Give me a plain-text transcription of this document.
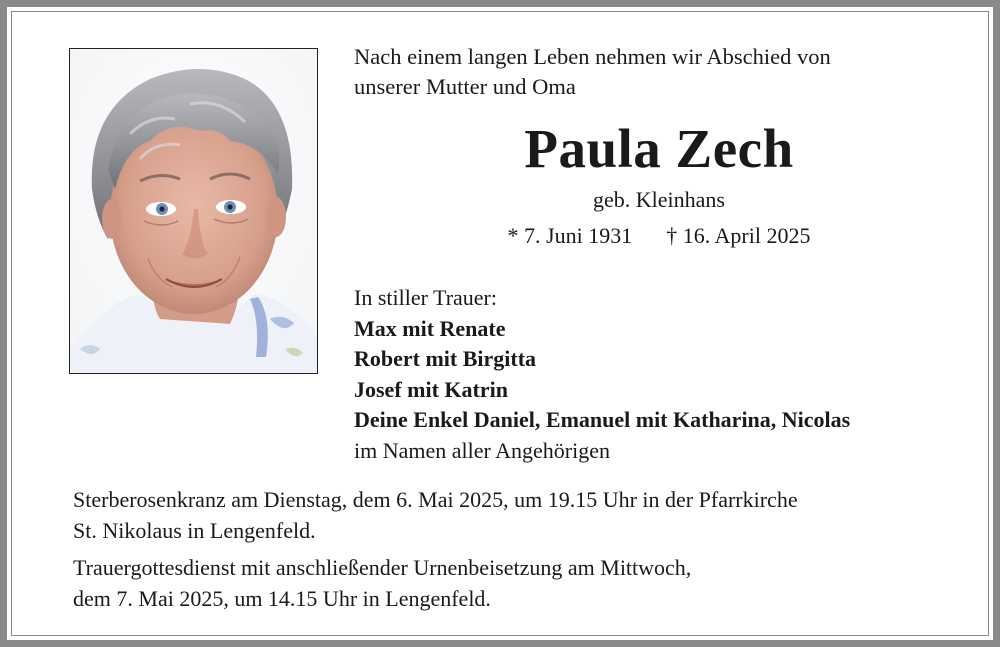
Nach einem langen Leben nehmen wir Abschied von
unserer Mutter und Oma
Paula Zech
geb. Kleinhans
* 7. Juni 1931 † 16. April 2025
In stiller Trauer:
Max mit Renate
Robert mit Birgitta
Josef mit Katrin
Deine Enkel Daniel, Emanuel mit Katharina, Nicolas
im Namen aller Angehörigen

Sterberosenkranz am Dienstag, dem 6. Mai 2025, um 19.15 Uhr in der Pfarrkirche
St. Nikolaus in Lengenfeld.

Trauergottesdienst mit anschließender Urnenbeisetzung am Mittwoch,
dem 7. Mai 2025, um 14.15 Uhr in Lengenfeld.
